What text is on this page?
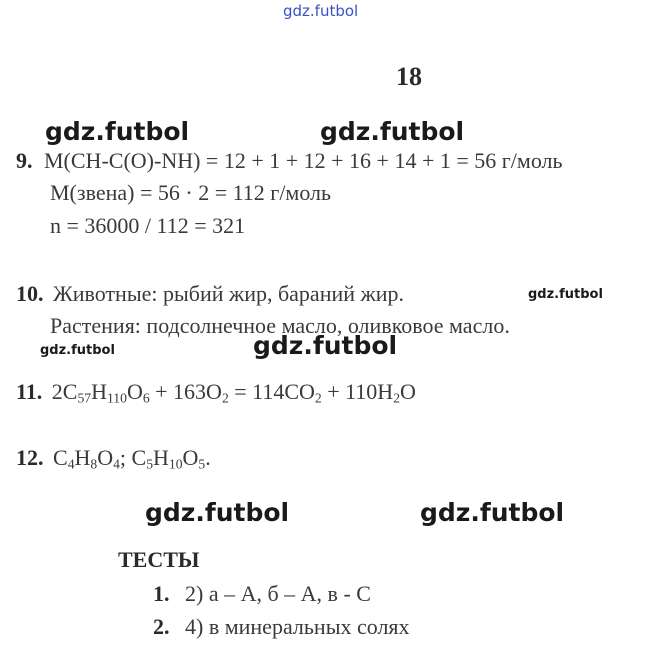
gdz.futbol
gdz.futbol	gdz.futbol
gdz.futbol
gdz.futbol	gdz.futbol
gdz.futbol	gdz.futbol
18
9. M(CH-C(O)-NH) = 12 + 1 + 12 + 16 + 14 + 1 = 56 г/моль
M(звена) = 56 · 2 = 112 г/моль
n = 36000 / 112 = 321
10. Животные: рыбий жир, бараний жир.
Растения: подсолнечное масло, оливковое масло.
11. $2C_{57}H_{110}O_6 + 163O_2 = 114CO_2 + 110H_2O$
12. $C_4H_8O_4$; $C_5H_{10}O_5$.
ТЕСТЫ
1. 2) а – А, б – А, в - С
2. 4) в минеральных солях
